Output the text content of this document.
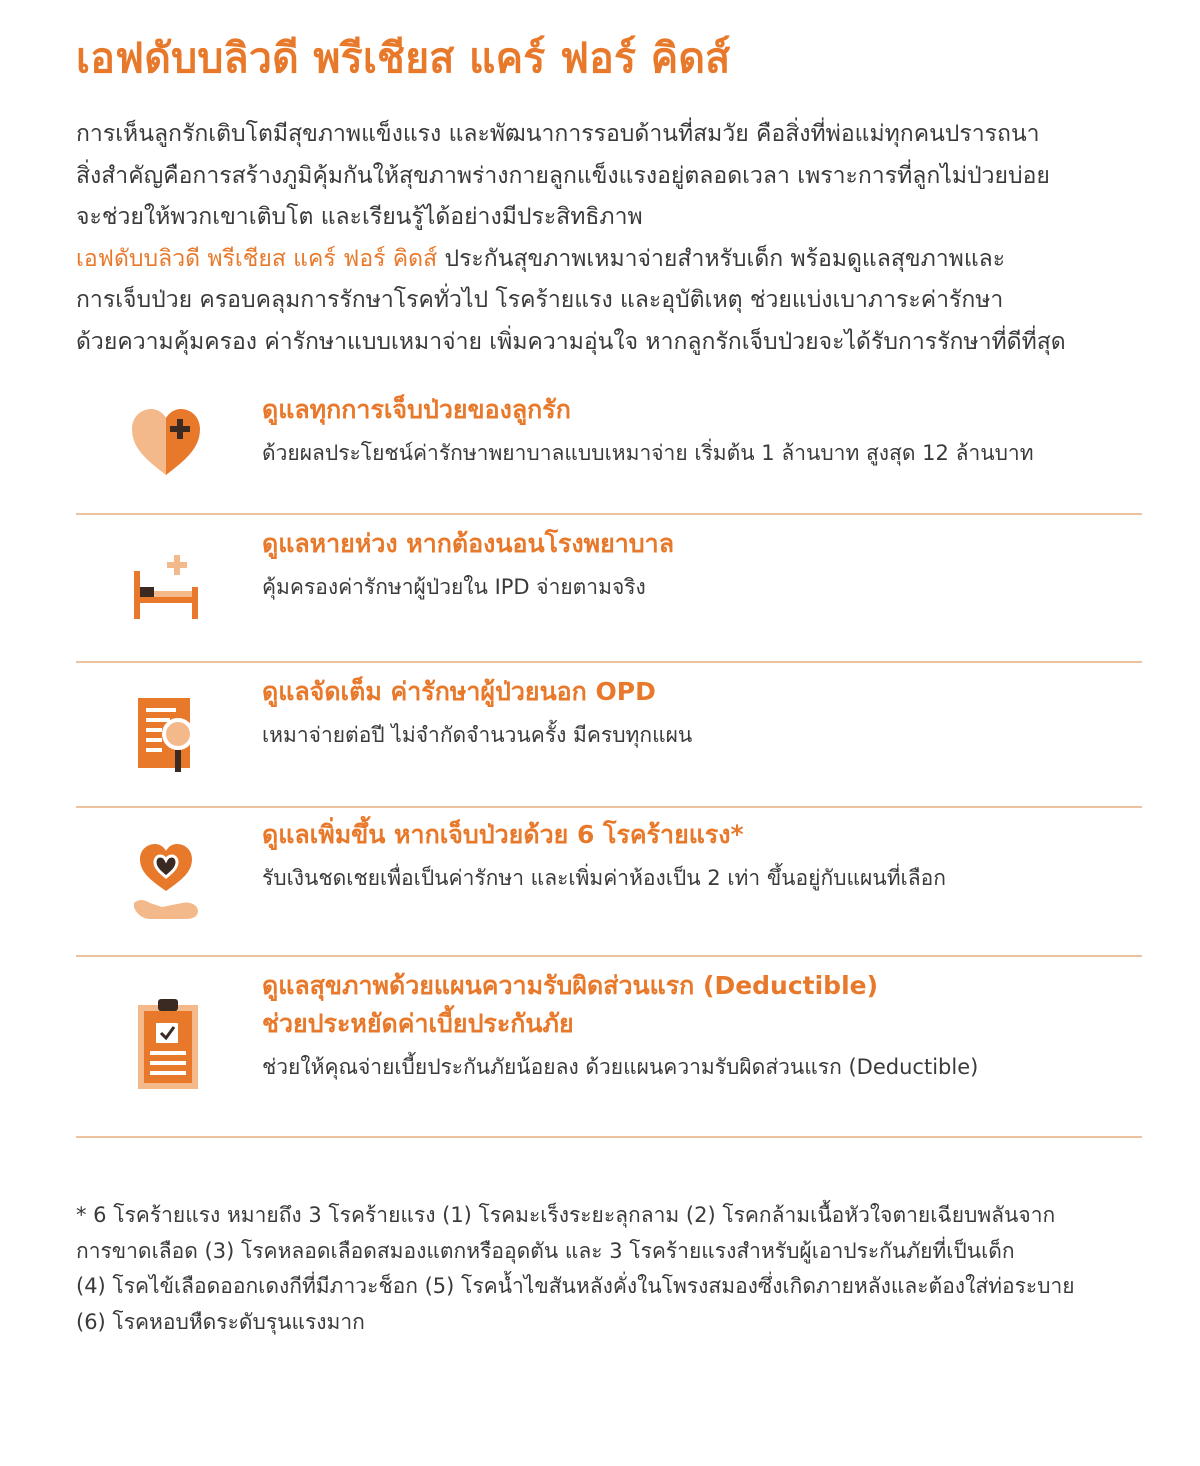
เอฟดับบลิวดี พรีเชียส แคร์ ฟอร์ คิดส์

การเห็นลูกรักเติบโตมีสุขภาพแข็งแรง และพัฒนาการรอบด้านที่สมวัย คือสิ่งที่พ่อแม่ทุกคนปรารถนา

สิ่งสำคัญคือการสร้างภูมิคุ้มกันให้สุขภาพร่างกายลูกแข็งแรงอยู่ตลอดเวลา เพราะการที่ลูกไม่ป่วยบ่อย

จะช่วยให้พวกเขาเติบโต และเรียนรู้ได้อย่างมีประสิทธิภาพ

เอฟดับบลิวดี พรีเชียส แคร์ ฟอร์ คิดส์ ประกันสุขภาพเหมาจ่ายสำหรับเด็ก พร้อมดูแลสุขภาพและ

การเจ็บป่วย ครอบคลุมการรักษาโรคทั่วไป โรคร้ายแรง และอุบัติเหตุ ช่วยแบ่งเบาภาระค่ารักษา

ด้วยความคุ้มครอง ค่ารักษาแบบเหมาจ่าย เพิ่มความอุ่นใจ หากลูกรักเจ็บป่วยจะได้รับการรักษาที่ดีที่สุด

ดูแลทุกการเจ็บป่วยของลูกรัก

ด้วยผลประโยชน์ค่ารักษาพยาบาลแบบเหมาจ่าย เริ่มต้น 1 ล้านบาท สูงสุด 12 ล้านบาท

ดูแลหายห่วง หากต้องนอนโรงพยาบาล

คุ้มครองค่ารักษาผู้ป่วยใน IPD จ่ายตามจริง

ดูแลจัดเต็ม ค่ารักษาผู้ป่วยนอก OPD

เหมาจ่ายต่อปี ไม่จำกัดจำนวนครั้ง มีครบทุกแผน

ดูแลเพิ่มขึ้น หากเจ็บป่วยด้วย 6 โรคร้ายแรง*

รับเงินชดเชยเพื่อเป็นค่ารักษา และเพิ่มค่าห้องเป็น 2 เท่า ขึ้นอยู่กับแผนที่เลือก

ดูแลสุขภาพด้วยแผนความรับผิดส่วนแรก (Deductible)

ช่วยประหยัดค่าเบี้ยประกันภัย

ช่วยให้คุณจ่ายเบี้ยประกันภัยน้อยลง ด้วยแผนความรับผิดส่วนแรก (Deductible)

* 6 โรคร้ายแรง หมายถึง 3 โรคร้ายแรง (1) โรคมะเร็งระยะลุกลาม (2) โรคกล้ามเนื้อหัวใจตายเฉียบพลันจาก

การขาดเลือด (3) โรคหลอดเลือดสมองแตกหรืออุดตัน และ 3 โรคร้ายแรงสำหรับผู้เอาประกันภัยที่เป็นเด็ก

(4) โรคไข้เลือดออกเดงกีที่มีภาวะช็อก (5) โรคน้ำไขสันหลังคั่งในโพรงสมองซึ่งเกิดภายหลังและต้องใส่ท่อระบาย

(6) โรคหอบหืดระดับรุนแรงมาก
